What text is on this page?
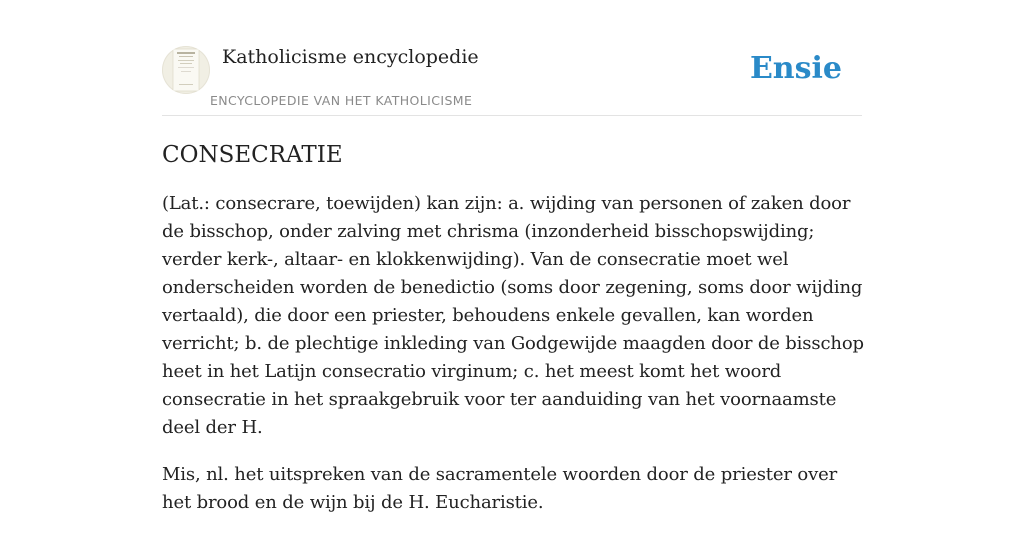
Katholicisme encyclopedie
ENCYCLOPEDIE VAN HET KATHOLICISME
Ensie
CONSECRATIE

(Lat.: consecrare, toewijden) kan zijn: a. wijding van personen of zaken door de bisschop, onder zalving met chrisma (inzonderheid bisschopswijding; verder kerk-, altaar- en klokkenwijding). Van de consecratie moet wel onderscheiden worden de benedictio (soms door zegening, soms door wijding vertaald), die door een priester, behoudens enkele gevallen, kan worden verricht; b. de plechtige inkleding van Godgewijde maagden door de bisschop heet in het Latijn consecratio virginum; c. het meest komt het woord consecratie in het spraakgebruik voor ter aanduiding van het voornaamste deel der H.

Mis, nl. het uitspreken van de sacramentele woorden door de priester over het brood en de wijn bij de H. Eucharistie.
